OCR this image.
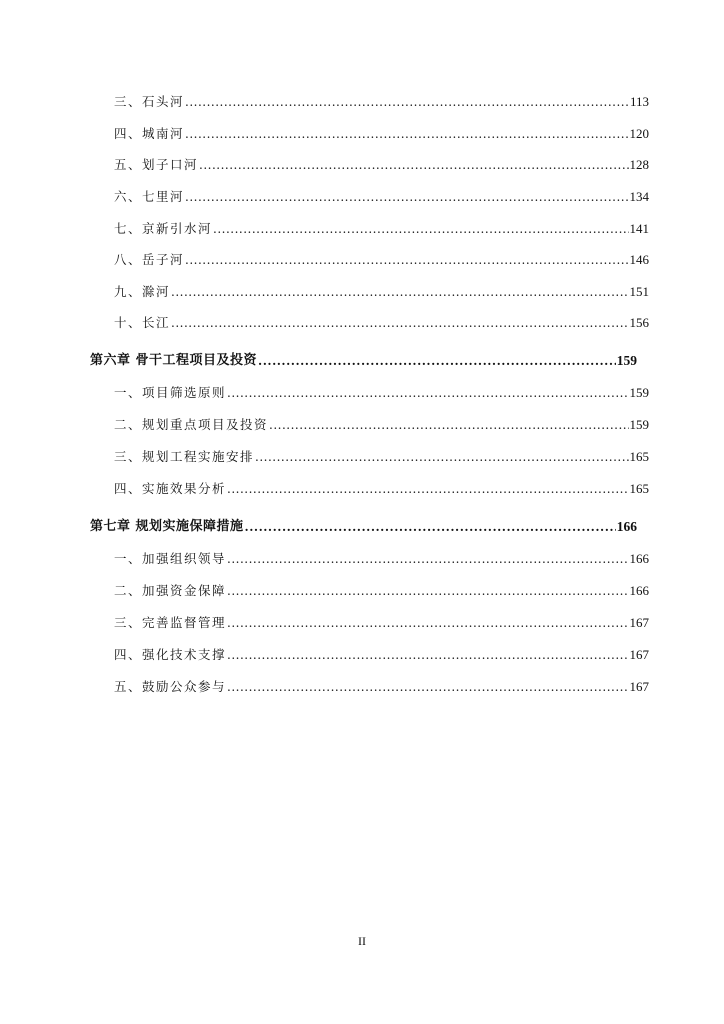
三、石头河 .....	113
四、城南河 .....	120
五、划子口河 .....	128
六、七里河 .....	134
七、京新引水河 .....	141
八、岳子河 .....	146
九、滁河 .....	151
十、长江 .....	156
第六章 骨干工程项目及投资 .....	159
一、项目筛选原则 .....	159
二、规划重点项目及投资 .....	159
三、规划工程实施安排 .....	165
四、实施效果分析 .....	165
第七章 规划实施保障措施 .....	166
一、加强组织领导 .....	166
二、加强资金保障 .....	166
三、完善监督管理 .....	167
四、强化技术支撑 .....	167
五、鼓励公众参与 .....	167
II
